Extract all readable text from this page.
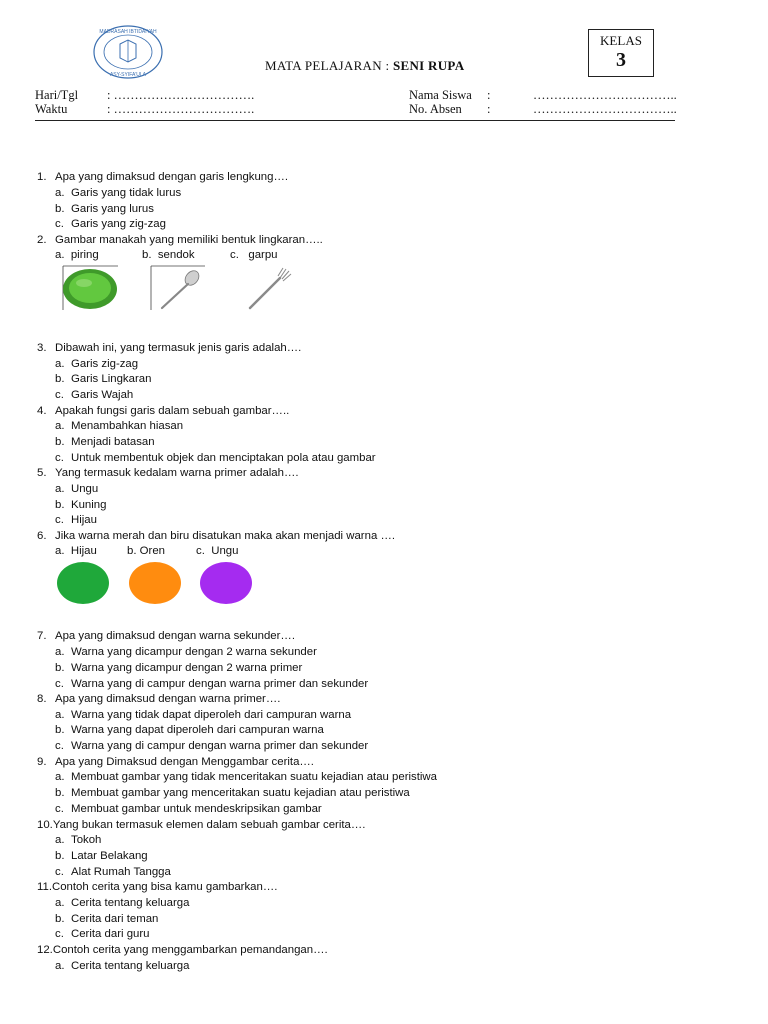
MADRASAH IBTIDAIYAH
ASY-SYIFA'ULA
MATA PELAJARAN : SENI RUPA
KELAS
3
Hari/Tgl : …………………………….
Waktu	: …………………………….
Nama Siswa :	……………………………..
No. Absen :	……………………………..
1. Apa yang dimaksud dengan garis lengkung….
a. Garis yang tidak lurus
b. Garis yang lurus
c. Garis yang zig-zag
2. Gambar manakah yang memiliki bentuk lingkaran…..
a. piring	b. sendok	c. garpu
3. Dibawah ini, yang termasuk jenis garis adalah….
a. Garis zig-zag
b. Garis Lingkaran
c. Garis Wajah
4. Apakah fungsi garis dalam sebuah gambar…..
a. Menambahkan hiasan
b. Menjadi batasan
c. Untuk membentuk objek dan menciptakan pola atau gambar
5. Yang termasuk kedalam warna primer adalah….
a. Ungu
b. Kuning
c. Hijau
6. Jika warna merah dan biru disatukan maka akan menjadi warna ….
a. Hijau	b. Oren	c. Ungu
7. Apa yang dimaksud dengan warna sekunder….
a. Warna yang dicampur dengan 2 warna sekunder
b. Warna yang dicampur dengan 2 warna primer
c. Warna yang di campur dengan warna primer dan sekunder
8. Apa yang dimaksud dengan warna primer….
a. Warna yang tidak dapat diperoleh dari campuran warna
b. Warna yang dapat diperoleh dari campuran warna
c. Warna yang di campur dengan warna primer dan sekunder
9. Apa yang Dimaksud dengan Menggambar cerita….
a. Membuat gambar yang tidak menceritakan suatu kejadian atau peristiwa
b. Membuat gambar yang menceritakan suatu kejadian atau peristiwa
c. Membuat gambar untuk mendeskripsikan gambar
10.Yang bukan termasuk elemen dalam sebuah gambar cerita….
a. Tokoh
b. Latar Belakang
c. Alat Rumah Tangga
11.Contoh cerita yang bisa kamu gambarkan….
a. Cerita tentang keluarga
b. Cerita dari teman
c. Cerita dari guru
12.Contoh cerita yang menggambarkan pemandangan….
a. Cerita tentang keluarga
